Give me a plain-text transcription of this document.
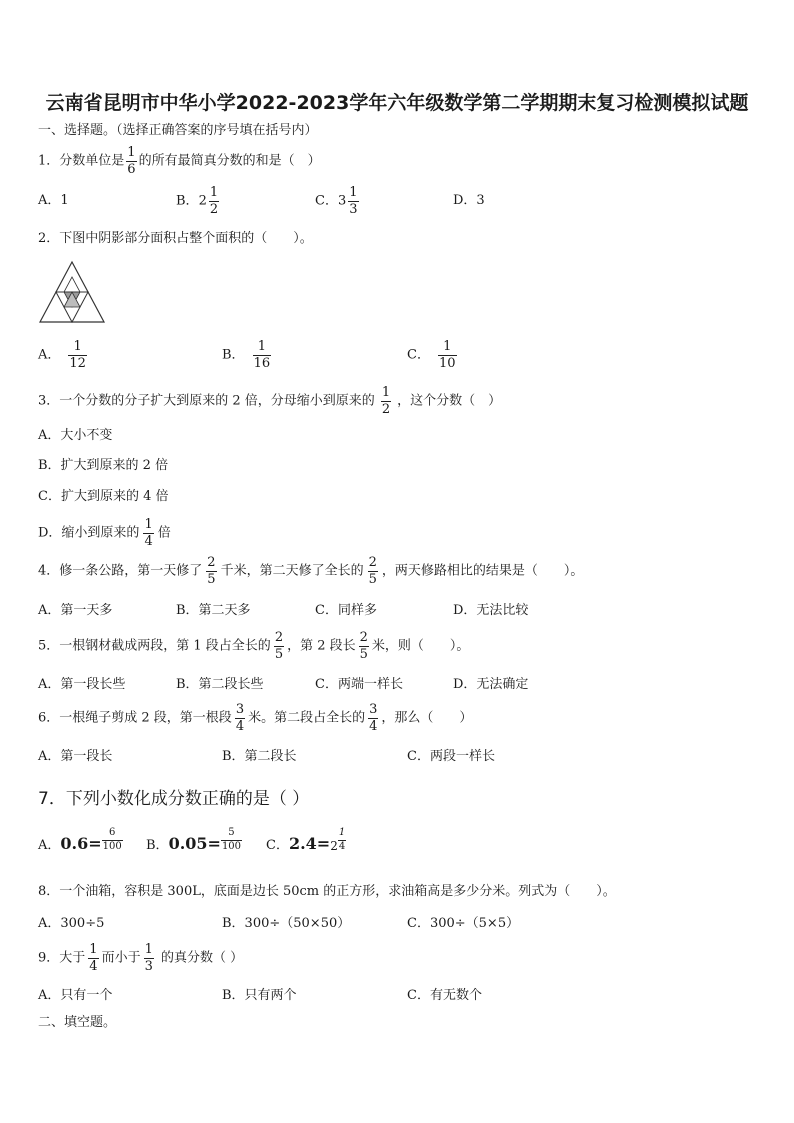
云南省昆明市中华小学2022-2023学年六年级数学第二学期期末复习检测模拟试题
一、选择题。（选择正确答案的序号填在括号内）
1．分数单位是 $\frac{1}{6}$ 的所有最简真分数的和是（　）
A．1	B．$2 \frac{1}{2}$	C．$3 \frac{1}{3}$	D．3
2．下图中阴影部分面积占整个面积的（　　）。
A． $\frac{1}{12}$	B． $\frac{1}{16}$	C． $\frac{1}{10}$
3．一个分数的分子扩大到原来的 2 倍，分母缩小到原来的 $\frac{1}{2}$ ，这个分数（　）
A．大小不变
B．扩大到原来的 2 倍
C．扩大到原来的 4 倍
D．缩小到原来的 $\frac{1}{4}$ 倍
4．修一条公路，第一天修了 $\frac{2}{5}$ 千米，第二天修了全长的 $\frac{2}{5}$ ，两天修路相比的结果是（　　）。
A．第一天多	B．第二天多	C．同样多	D．无法比较
5．一根钢材截成两段，第 1 段占全长的 $\frac{2}{5}$ ，第 2 段长 $\frac{2}{5}$ 米，则（　　）。
A．第一段长些	B．第二段长些	C．两端一样长	D．无法确定
6．一根绳子剪成 2 段，第一根段 $\frac{3}{4}$ 米。第二段占全长的 $\frac{3}{4}$ ，那么（　　）
A．第一段长	B．第二段长	C．两段一样长
7．下列小数化成分数正确的是（ ）
A．$0.6= \frac{6}{100}$ B．$0.05= \frac{5}{100}$ C．$2.4=2 \frac{1}{4}$
8．一个油箱，容积是 300L，底面是边长 50cm 的正方形，求油箱高是多少分米。列式为（　　）。
A．300÷5	B．300÷（50×50）	C．300÷（5×5）
9．大于 $\frac{1}{4}$ 而小于 $\frac{1}{3}$ 的真分数（ ）
A．只有一个	B．只有两个	C．有无数个
二、填空题。
